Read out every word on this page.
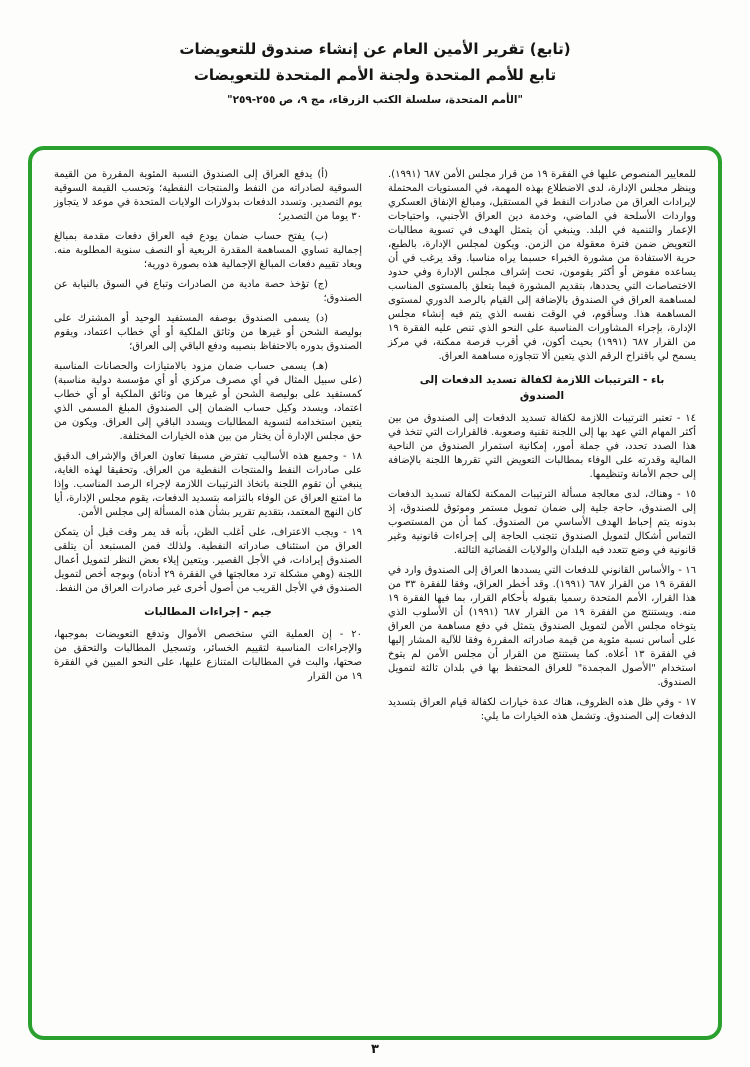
(تابع) تقرير الأمين العام عن إنشاء صندوق للتعويضات
تابع للأمم المتحدة ولجنة الأمم المتحدة للتعويضات
"الأمم المتحدة، سلسلة الكتب الزرقاء، مج ٩، ص ٢٥٥-٢٥٩"

للمعايير المنصوص عليها في الفقرة ١٩ من قرار مجلس الأمن ٦٨٧ (١٩٩١). وينظر مجلس الإدارة، لدى الاضطلاع بهذه المهمة، في المستويات المحتملة لإيرادات العراق من صادرات النفط في المستقبل، ومبالغ الإنفاق العسكري وواردات الأسلحة في الماضي، وخدمة دين العراق الأجنبي، واحتياجات الإعمار والتنمية في البلد. وينبغي أن يتمثل الهدف في تسوية مطالبات التعويض ضمن فترة معقولة من الزمن. ويكون لمجلس الإدارة، بالطبع، حرية الاستفادة من مشورة الخبراء حسبما يراه مناسبا. وقد يرغب في أن يساعده مفوض أو أكثر يقومون، تحت إشراف مجلس الإدارة وفي حدود الاختصاصات التي يحددها، بتقديم المشورة فيما يتعلق بالمستوى المناسب لمساهمة العراق في الصندوق بالإضافة إلى القيام بالرصد الدوري لمستوى المساهمة هذا. وسأقوم، في الوقت نفسه الذي يتم فيه إنشاء مجلس الإدارة، بإجراء المشاورات المناسبة على النحو الذي تنص عليه الفقرة ١٩ من القرار ٦٨٧ (١٩٩١) بحيث أكون، في أقرب فرصة ممكنة، في مركز يسمح لي باقتراح الرقم الذي يتعين ألا تتجاوزه مساهمة العراق.

باء - الترتيبات اللازمة لكفالة تسديد الدفعات إلى الصندوق

١٤ - تعتبر الترتيبات اللازمة لكفالة تسديد الدفعات إلى الصندوق من بين أكثر المهام التي عهد بها إلى اللجنة تقنية وصعوبة. فالقرارات التي تتخذ في هذا الصدد تحدد، في جملة أمور، إمكانية استمرار الصندوق من الناحية المالية وقدرته على الوفاء بمطالبات التعويض التي تقررها اللجنة بالإضافة إلى حجم الأمانة وتنظيمها.

١٥ - وهناك، لدى معالجة مسألة الترتيبات الممكنة لكفالة تسديد الدفعات إلى الصندوق، حاجة جلية إلى ضمان تمويل مستمر وموثوق للصندوق، إذ بدونه يتم إحباط الهدف الأساسي من الصندوق. كما أن من المستصوب التماس أشكال لتمويل الصندوق تتجنب الحاجة إلى إجراءات قانونية وغير قانونية في وضع تتعدد فيه البلدان والولايات القضائية الثالثة.

١٦ - والأساس القانوني للدفعات التي يسددها العراق إلى الصندوق وارد في الفقرة ١٩ من القرار ٦٨٧ (١٩٩١). وقد أخطر العراق، وفقا للفقرة ٣٣ من هذا القرار، الأمم المتحدة رسميا بقبوله بأحكام القرار، بما فيها الفقرة ١٩ منه. ويستنتج من الفقرة ١٩ من القرار ٦٨٧ (١٩٩١) أن الأسلوب الذي يتوخاه مجلس الأمن لتمويل الصندوق يتمثل في دفع مساهمة من العراق على أساس نسبة مئوية من قيمة صادراته المقررة وفقا للآلية المشار إليها في الفقرة ١٣ أعلاه. كما يستنتج من القرار أن مجلس الأمن لم يتوخ استخدام "الأصول المجمدة" للعراق المحتفظ بها في بلدان ثالثة لتمويل الصندوق.

١٧ - وفي ظل هذه الظروف، هناك عدة خيارات لكفالة قيام العراق بتسديد الدفعات إلى الصندوق. وتشمل هذه الخيارات ما يلي:

(أ) يدفع العراق إلى الصندوق النسبة المئوية المقررة من القيمة السوقية لصادراته من النفط والمنتجات النفطية؛ وتحسب القيمة السوقية يوم التصدير. وتسدد الدفعات بدولارات الولايات المتحدة في موعد لا يتجاوز ٣٠ يوما من التصدير؛

(ب) يفتح حساب ضمان يودع فيه العراق دفعات مقدمة بمبالغ إجمالية تساوي المساهمة المقدرة الربعية أو النصف سنوية المطلوبة منه. ويعاد تقييم دفعات المبالغ الإجمالية هذه بصورة دورية؛

(ج) تؤخذ حصة مادية من الصادرات وتباع في السوق بالنيابة عن الصندوق؛

(د) يسمى الصندوق بوصفه المستفيد الوحيد أو المشترك على بوليصة الشحن أو غيرها من وثائق الملكية أو أي خطاب اعتماد، ويقوم الصندوق بدوره بالاحتفاظ بنصيبه ودفع الباقي إلى العراق؛

(هـ) يسمى حساب ضمان مزود بالامتيازات والحصانات المناسبة (على سبيل المثال في أي مصرف مركزي أو أي مؤسسة دولية مناسبة) كمستفيد على بوليصة الشحن أو غيرها من وثائق الملكية أو أي خطاب اعتماد، ويسدد وكيل حساب الضمان إلى الصندوق المبلغ المسمى الذي يتعين استخدامه لتسوية المطالبات ويسدد الباقي إلى العراق. ويكون من حق مجلس الإدارة أن يختار من بين هذه الخيارات المختلفة.

١٨ - وجميع هذه الأساليب تفترض مسبقا تعاون العراق والإشراف الدقيق على صادرات النفط والمنتجات النفطية من العراق. وتحقيقا لهذه الغاية، ينبغي أن تقوم اللجنة باتخاذ الترتيبات اللازمة لإجراء الرصد المناسب. وإذا ما امتنع العراق عن الوفاء بالتزامه بتسديد الدفعات، يقوم مجلس الإدارة، أيا كان النهج المعتمد، بتقديم تقرير بشأن هذه المسألة إلى مجلس الأمن.

١٩ - ويجب الاعتراف، على أغلب الظن، بأنه قد يمر وقت قبل أن يتمكن العراق من استئناف صادراته النفطية. ولذلك فمن المستبعد أن يتلقى الصندوق إيرادات، في الأجل القصير. ويتعين إيلاء بعض النظر لتمويل أعمال اللجنة (وهي مشكلة ترد معالجتها في الفقرة ٢٩ أدناه) وبوجه أخص لتمويل الصندوق في الأجل القريب من أصول أخرى غير صادرات العراق من النفط.

جيم - إجراءات المطالبات

٢٠ - إن العملية التي ستخصص الأموال وتدفع التعويضات بموجبها، والإجراءات المناسبة لتقييم الخسائر، وتسجيل المطالبات والتحقق من صحتها، والبت في المطالبات المتنازع عليها، على النحو المبين في الفقرة ١٩ من القرار

٣
